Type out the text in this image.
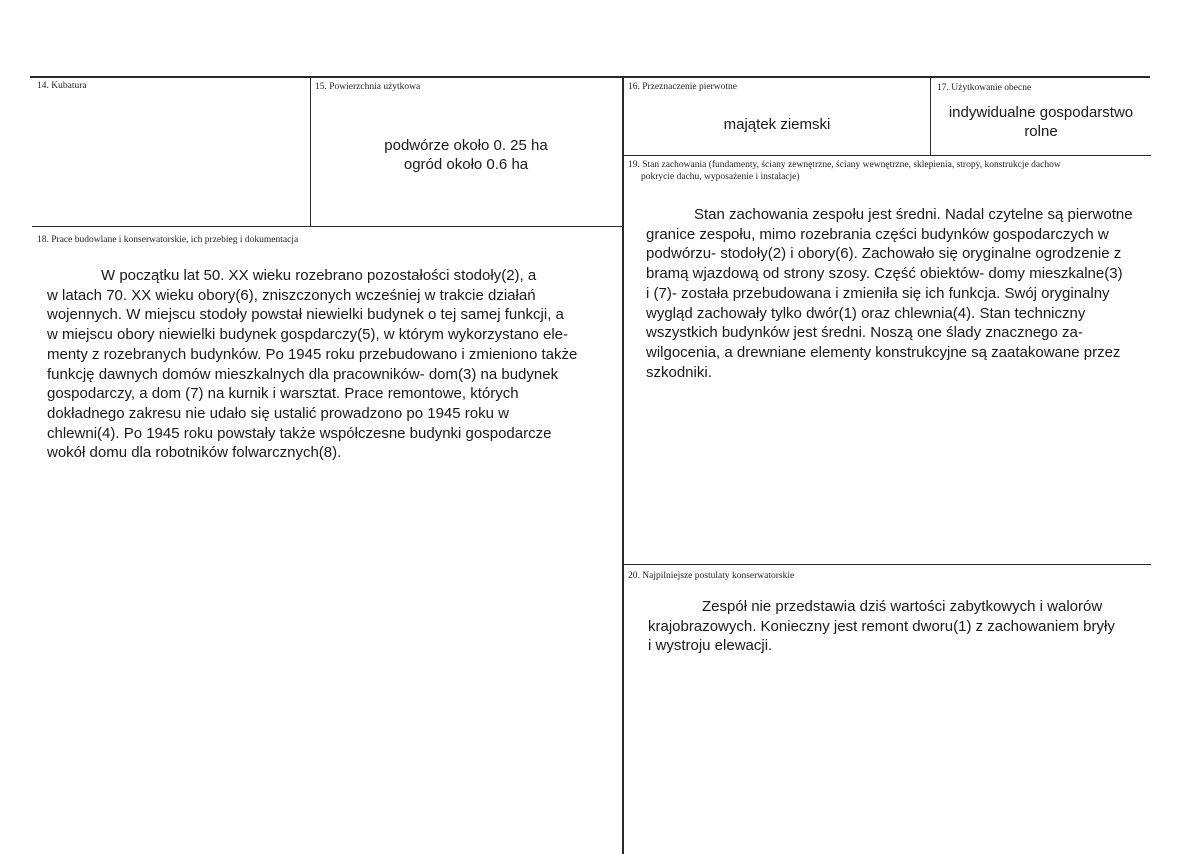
14. Kubatura	15. Powierzchnia użytkowa
podwórze około 0. 25 ha
ogród około 0.6 ha
16. Przeznaczenie pierwotne
majątek ziemski
17. Użytkowanie obecne
indywidualne gospodarstwo
rolne
19. Stan zachowania (fundamenty, ściany zewnętrzne, ściany wewnętrzne, sklepienia, stropy, konstrukcje dachow
pokrycie dachu, wyposażenie i instalacje)
Stan zachowania zespołu jest średni. Nadal czytelne są pierwotne
granice zespołu, mimo rozebrania części budynków gospodarczych w
podwórzu- stodoły(2) i obory(6). Zachowało się oryginalne ogrodzenie z
bramą wjazdową od strony szosy. Część obiektów- domy mieszkalne(3)
i (7)- została przebudowana i zmieniła się ich funkcja. Swój oryginalny
wygląd zachowały tylko dwór(1) oraz chlewnia(4). Stan techniczny
wszystkich budynków jest średni. Noszą one ślady znacznego za-
wilgocenia, a drewniane elementy konstrukcyjne są zaatakowane przez
szkodniki.
18. Prace budowlane i konserwatorskie, ich przebieg i dokumentacja
W początku lat 50. XX wieku rozebrano pozostałości stodoły(2), a
w latach 70. XX wieku obory(6), zniszczonych wcześniej w trakcie działań
wojennych. W miejscu stodoły powstał niewielki budynek o tej samej funkcji, a
w miejscu obory niewielki budynek gospdarczy(5), w którym wykorzystano ele-
menty z rozebranych budynków. Po 1945 roku przebudowano i zmieniono także
funkcję dawnych domów mieszkalnych dla pracowników- dom(3) na budynek
gospodarczy, a dom (7) na kurnik i warsztat. Prace remontowe, których
dokładnego zakresu nie udało się ustalić prowadzono po 1945 roku w
chlewni(4). Po 1945 roku powstały także współczesne budynki gospodarcze
wokół domu dla robotników folwarcznych(8).
20. Najpilniejsze postulaty konserwatorskie
Zespół nie przedstawia dziś wartości zabytkowych i walorów
krajobrazowych. Konieczny jest remont dworu(1) z zachowaniem bryły
i wystroju elewacji.
